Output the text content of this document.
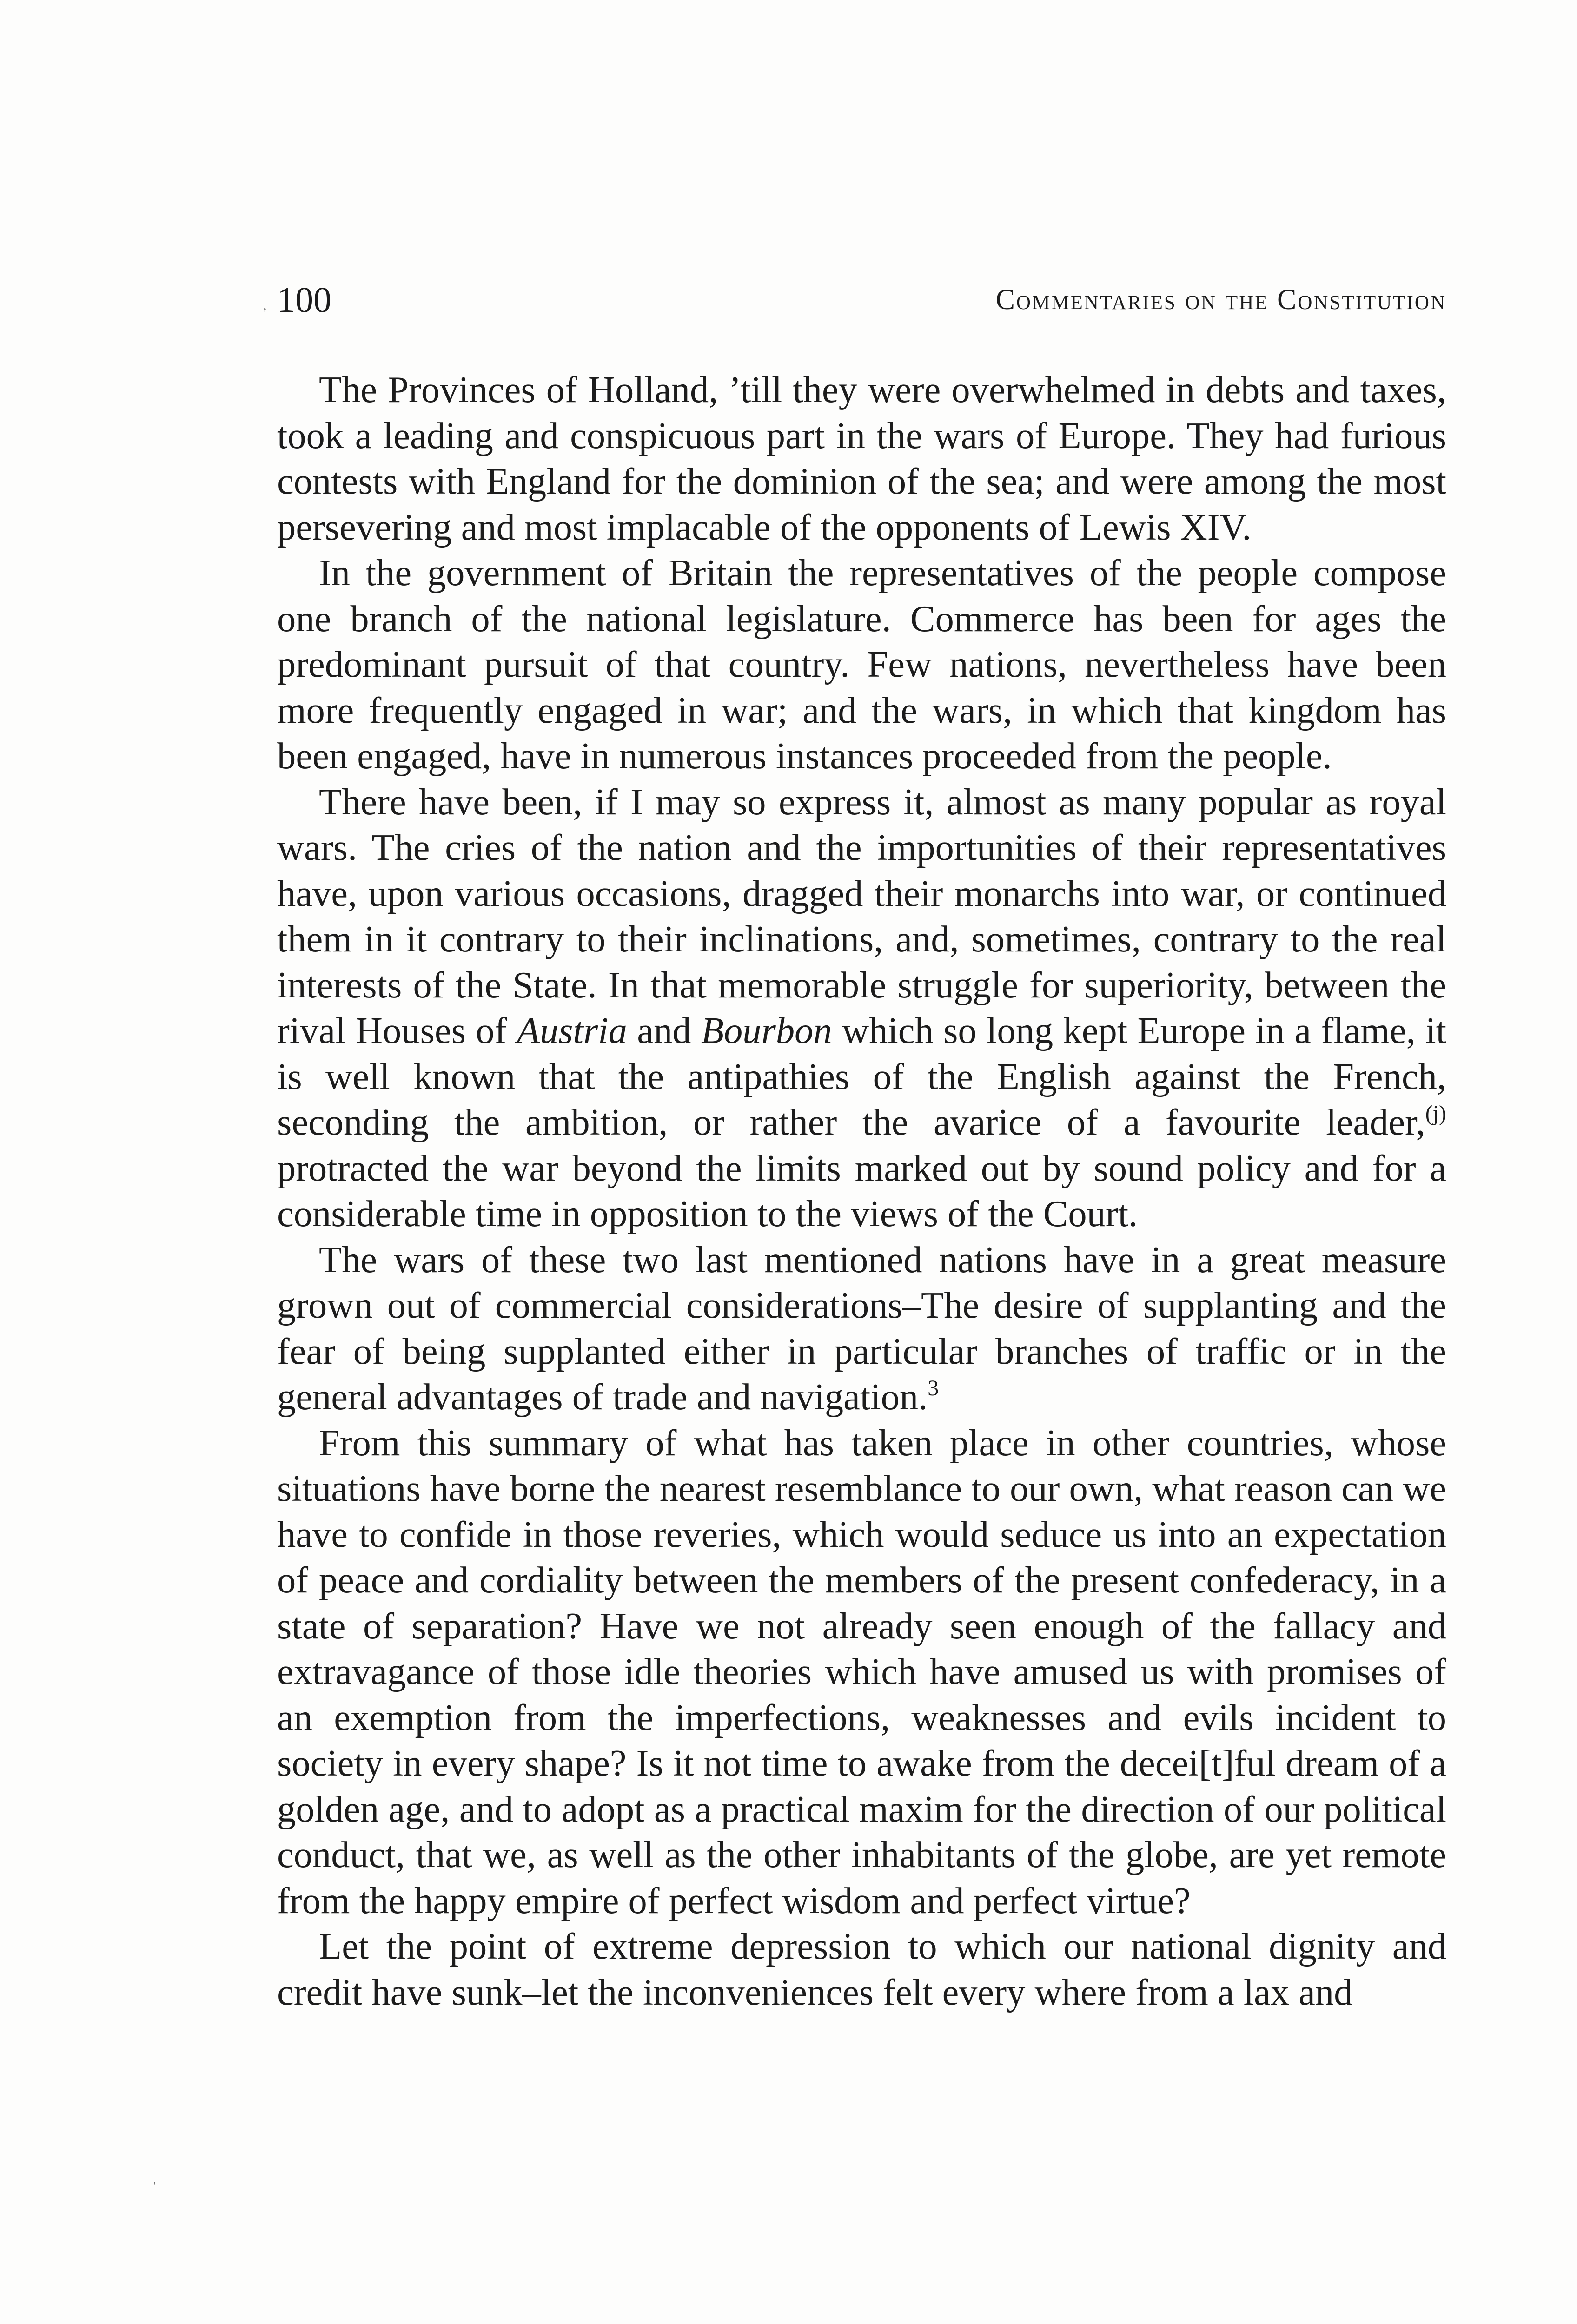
100	Commentaries on the Constitution

The Provinces of Holland, ’till they were overwhelmed in debts and taxes, took a leading and conspicuous part in the wars of Europe. They had furious contests with England for the dominion of the sea; and were among the most persevering and most implacable of the opponents of Lewis XIV.

In the government of Britain the representatives of the people compose one branch of the national legislature. Commerce has been for ages the predominant pursuit of that country. Few nations, nevertheless have been more frequently engaged in war; and the wars, in which that kingdom has been engaged, have in numerous instances proceeded from the people.

There have been, if I may so express it, almost as many popular as royal wars. The cries of the nation and the importunities of their representatives have, upon various occasions, dragged their monarchs into war, or continued them in it contrary to their inclinations, and, sometimes, contrary to the real interests of the State. In that memorable struggle for superiority, between the rival Houses of Austria and Bourbon which so long kept Europe in a flame, it is well known that the antipathies of the English against the French, seconding the ambition, or rather the avarice of a favourite leader,$^{(j)}$ protracted the war beyond the limits marked out by sound policy and for a considerable time in opposition to the views of the Court.

The wars of these two last mentioned nations have in a great measure grown out of commercial considerations–The desire of supplanting and the fear of being supplanted either in particular branches of traffic or in the general advantages of trade and navigation.$^3$

From this summary of what has taken place in other countries, whose situations have borne the nearest resemblance to our own, what reason can we have to confide in those reveries, which would seduce us into an expectation of peace and cordiality between the members of the present confederacy, in a state of separation? Have we not already seen enough of the fallacy and extravagance of those idle theories which have amused us with promises of an exemption from the imperfections, weaknesses and evils incident to society in every shape? Is it not time to awake from the decei[t]ful dream of a golden age, and to adopt as a practical maxim for the direction of our political conduct, that we, as well as the other inhabitants of the globe, are yet remote from the happy empire of perfect wisdom and perfect virtue?

Let the point of extreme depression to which our national dignity and credit have sunk–let the inconveniences felt every where from a lax and

,
'
